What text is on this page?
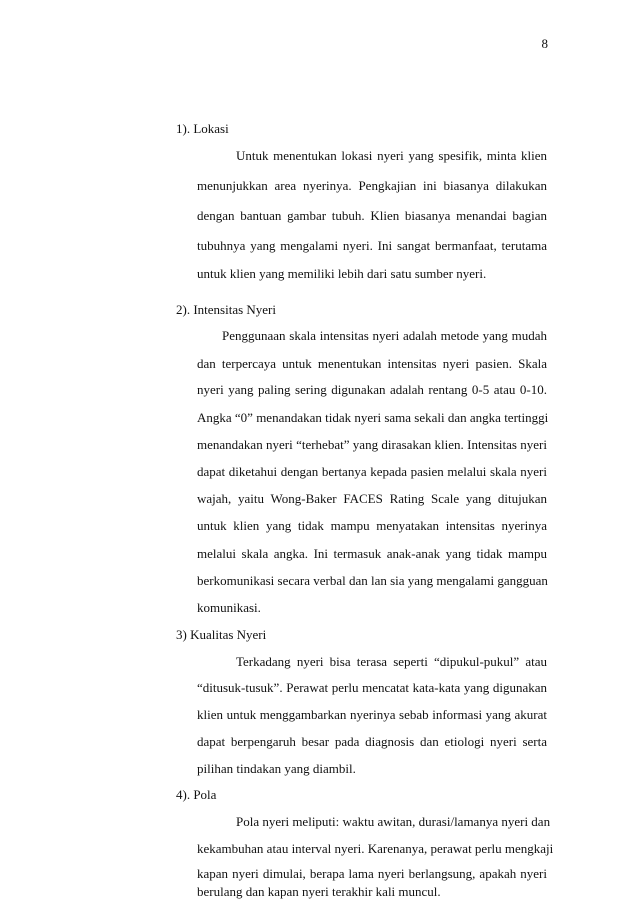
8
1). Lokasi
Untuk menentukan lokasi nyeri yang spesifik, minta klien
menunjukkan area nyerinya. Pengkajian ini biasanya dilakukan
dengan bantuan gambar tubuh. Klien biasanya menandai bagian
tubuhnya yang mengalami nyeri. Ini sangat bermanfaat, terutama
untuk klien yang memiliki lebih dari satu sumber nyeri.
2). Intensitas Nyeri
Penggunaan skala intensitas nyeri adalah metode yang mudah
dan terpercaya untuk menentukan intensitas nyeri pasien. Skala
nyeri yang paling sering digunakan adalah rentang 0-5 atau 0-10.
Angka “0” menandakan tidak nyeri sama sekali dan angka tertinggi
menandakan nyeri “terhebat” yang dirasakan klien. Intensitas nyeri
dapat diketahui dengan bertanya kepada pasien melalui skala nyeri
wajah, yaitu Wong-Baker FACES Rating Scale yang ditujukan
untuk klien yang tidak mampu menyatakan intensitas nyerinya
melalui skala angka. Ini termasuk anak-anak yang tidak mampu
berkomunikasi secara verbal dan lan sia yang mengalami gangguan
komunikasi.
3) Kualitas Nyeri
Terkadang nyeri bisa terasa seperti “dipukul-pukul” atau
“ditusuk-tusuk”. Perawat perlu mencatat kata-kata yang digunakan
klien untuk menggambarkan nyerinya sebab informasi yang akurat
dapat berpengaruh besar pada diagnosis dan etiologi nyeri serta
pilihan tindakan yang diambil.
4). Pola
Pola nyeri meliputi: waktu awitan, durasi/lamanya nyeri dan
kekambuhan atau interval nyeri. Karenanya, perawat perlu mengkaji
kapan nyeri dimulai, berapa lama nyeri berlangsung, apakah nyeri
berulang dan kapan nyeri terakhir kali muncul.
